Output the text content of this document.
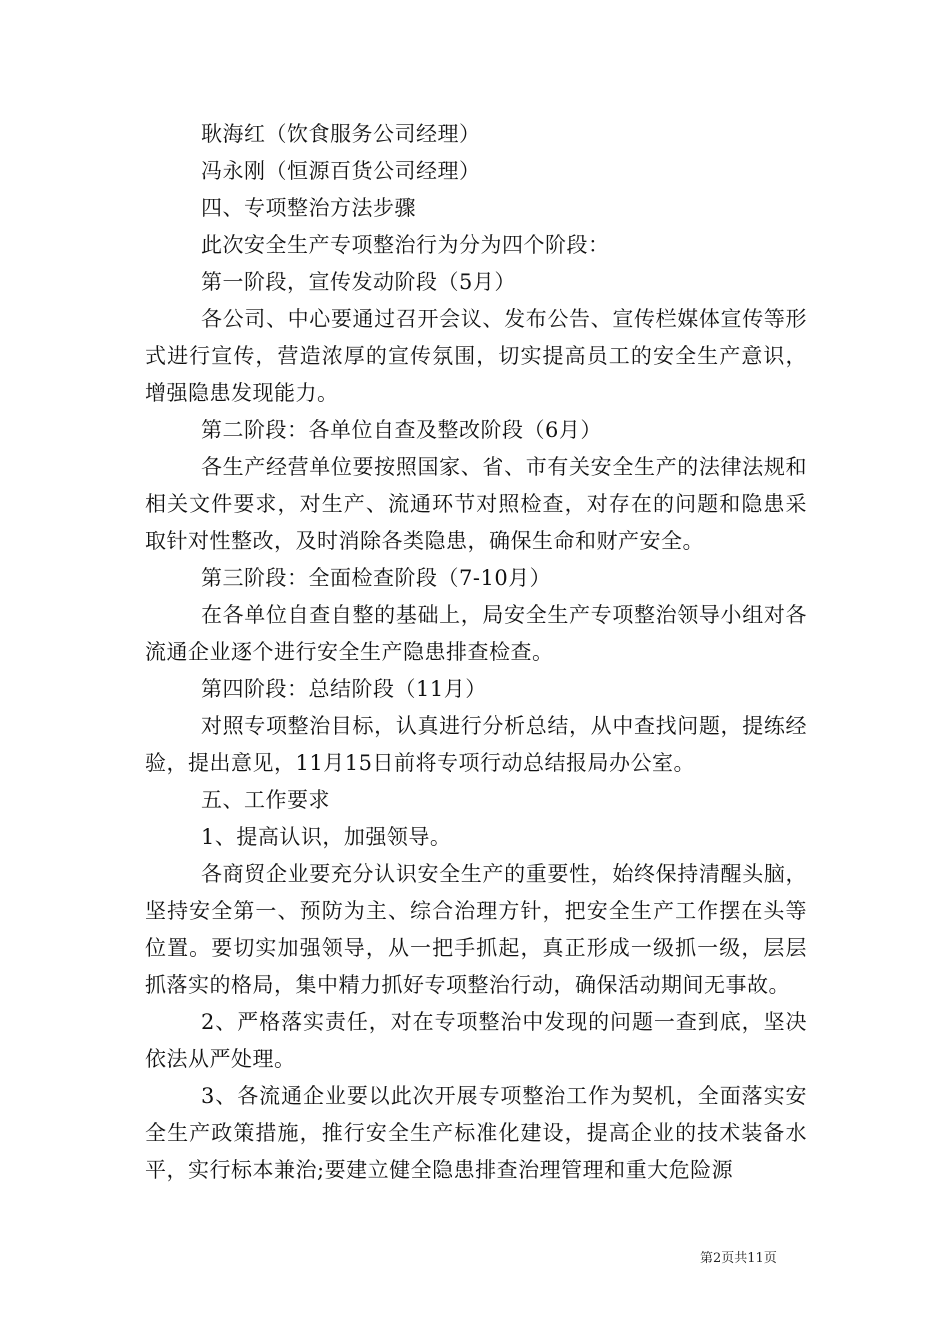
耿海红（饮食服务公司经理）

冯永刚（恒源百货公司经理）

四、专项整治方法步骤

此次安全生产专项整治行为分为四个阶段：

第一阶段，宣传发动阶段（5月）

各公司、中心要通过召开会议、发布公告、宣传栏媒体宣传等形式进行宣传，营造浓厚的宣传氛围，切实提高员工的安全生产意识，增强隐患发现能力。

第二阶段：各单位自查及整改阶段（6月）

各生产经营单位要按照国家、省、市有关安全生产的法律法规和相关文件要求，对生产、流通环节对照检查，对存在的问题和隐患采取针对性整改，及时消除各类隐患，确保生命和财产安全。

第三阶段：全面检查阶段（7-10月）

在各单位自查自整的基础上，局安全生产专项整治领导小组对各流通企业逐个进行安全生产隐患排查检查。

第四阶段：总结阶段（11月）

对照专项整治目标，认真进行分析总结，从中查找问题，提练经验，提出意见，11月15日前将专项行动总结报局办公室。

五、工作要求

1、提高认识，加强领导。

各商贸企业要充分认识安全生产的重要性，始终保持清醒头脑，坚持安全第一、预防为主、综合治理方针，把安全生产工作摆在头等位置。要切实加强领导，从一把手抓起，真正形成一级抓一级，层层抓落实的格局，集中精力抓好专项整治行动，确保活动期间无事故。

2、严格落实责任，对在专项整治中发现的问题一查到底，坚决依法从严处理。

3、各流通企业要以此次开展专项整治工作为契机，全面落实安全生产政策措施，推行安全生产标准化建设，提高企业的技术装备水平，实行标本兼治;要建立健全隐患排查治理管理和重大危险源

第2页共11页
